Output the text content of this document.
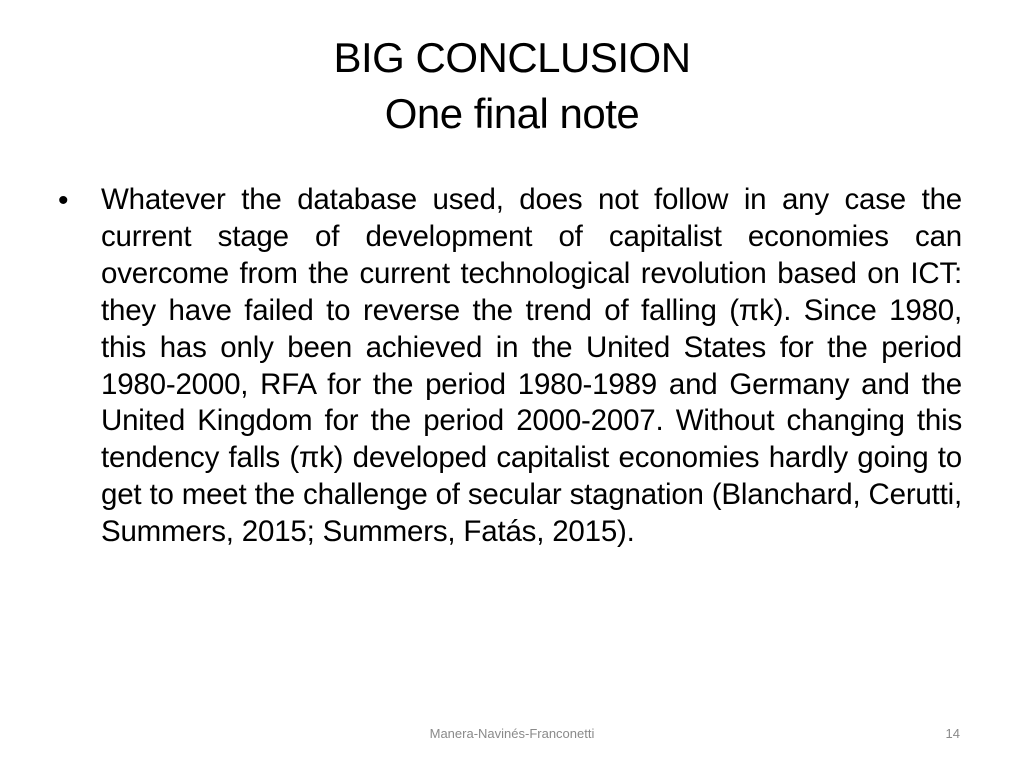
BIG CONCLUSION
One final note
• Whatever the database used, does not follow in any case the current stage of development of capitalist economies can overcome from the current technological revolution based on ICT: they have failed to reverse the trend of falling (πk). Since 1980, this has only been achieved in the United States for the period 1980-2000, RFA for the period 1980-1989 and Germany and the United Kingdom for the period 2000-2007. Without changing this tendency falls (πk) developed capitalist economies hardly going to get to meet the challenge of secular stagnation (Blanchard, Cerutti, Summers, 2015; Summers, Fatás, 2015).
Manera-Navinés-Franconetti	14
